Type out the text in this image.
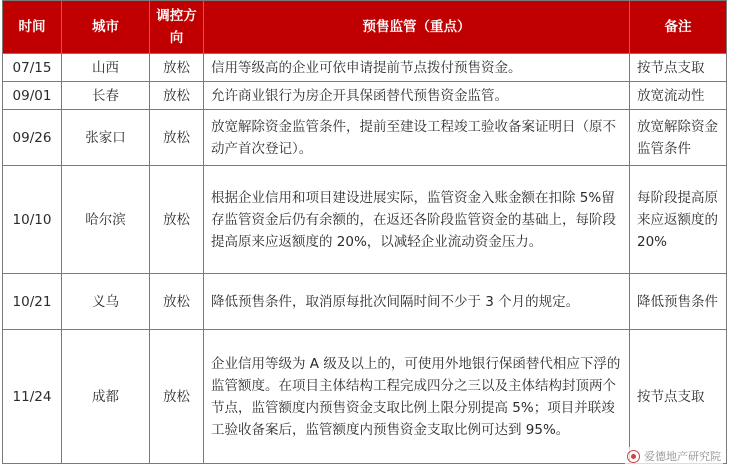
时间	城市	调控方向	预售监管（重点）	备注
07/15	山西	放松	信用等级高的企业可依申请提前节点拨付预售资金。	按节点支取
09/01	长春	放松	允许商业银行为房企开具保函替代预售资金监管。	放宽流动性
09/26	张家口	放松	放宽解除资金监管条件，提前至建设工程竣工验收备案证明日（原不动产首次登记）。	放宽解除资金监管条件
10/10	哈尔滨	放松	根据企业信用和项目建设进展实际，监管资金入账金额在扣除 5%留存监管资金后仍有余额的，在返还各阶段监管资金的基础上，每阶段提高原来应返额度的 20%，以减轻企业流动资金压力。	每阶段提高原来应返额度的 20%
10/21	义乌	放松	降低预售条件，取消原每批次间隔时间不少于 3 个月的规定。	降低预售条件
11/24	成都	放松	企业信用等级为 A 级及以上的，可使用外地银行保函替代相应下浮的监管额度。在项目主体结构工程完成四分之三以及主体结构封顶两个节点，监管额度内预售资金支取比例上限分别提高 5%；项目并联竣工验收备案后，监管额度内预售资金支取比例可达到 95%。	按节点支取
爱德地产研究院
